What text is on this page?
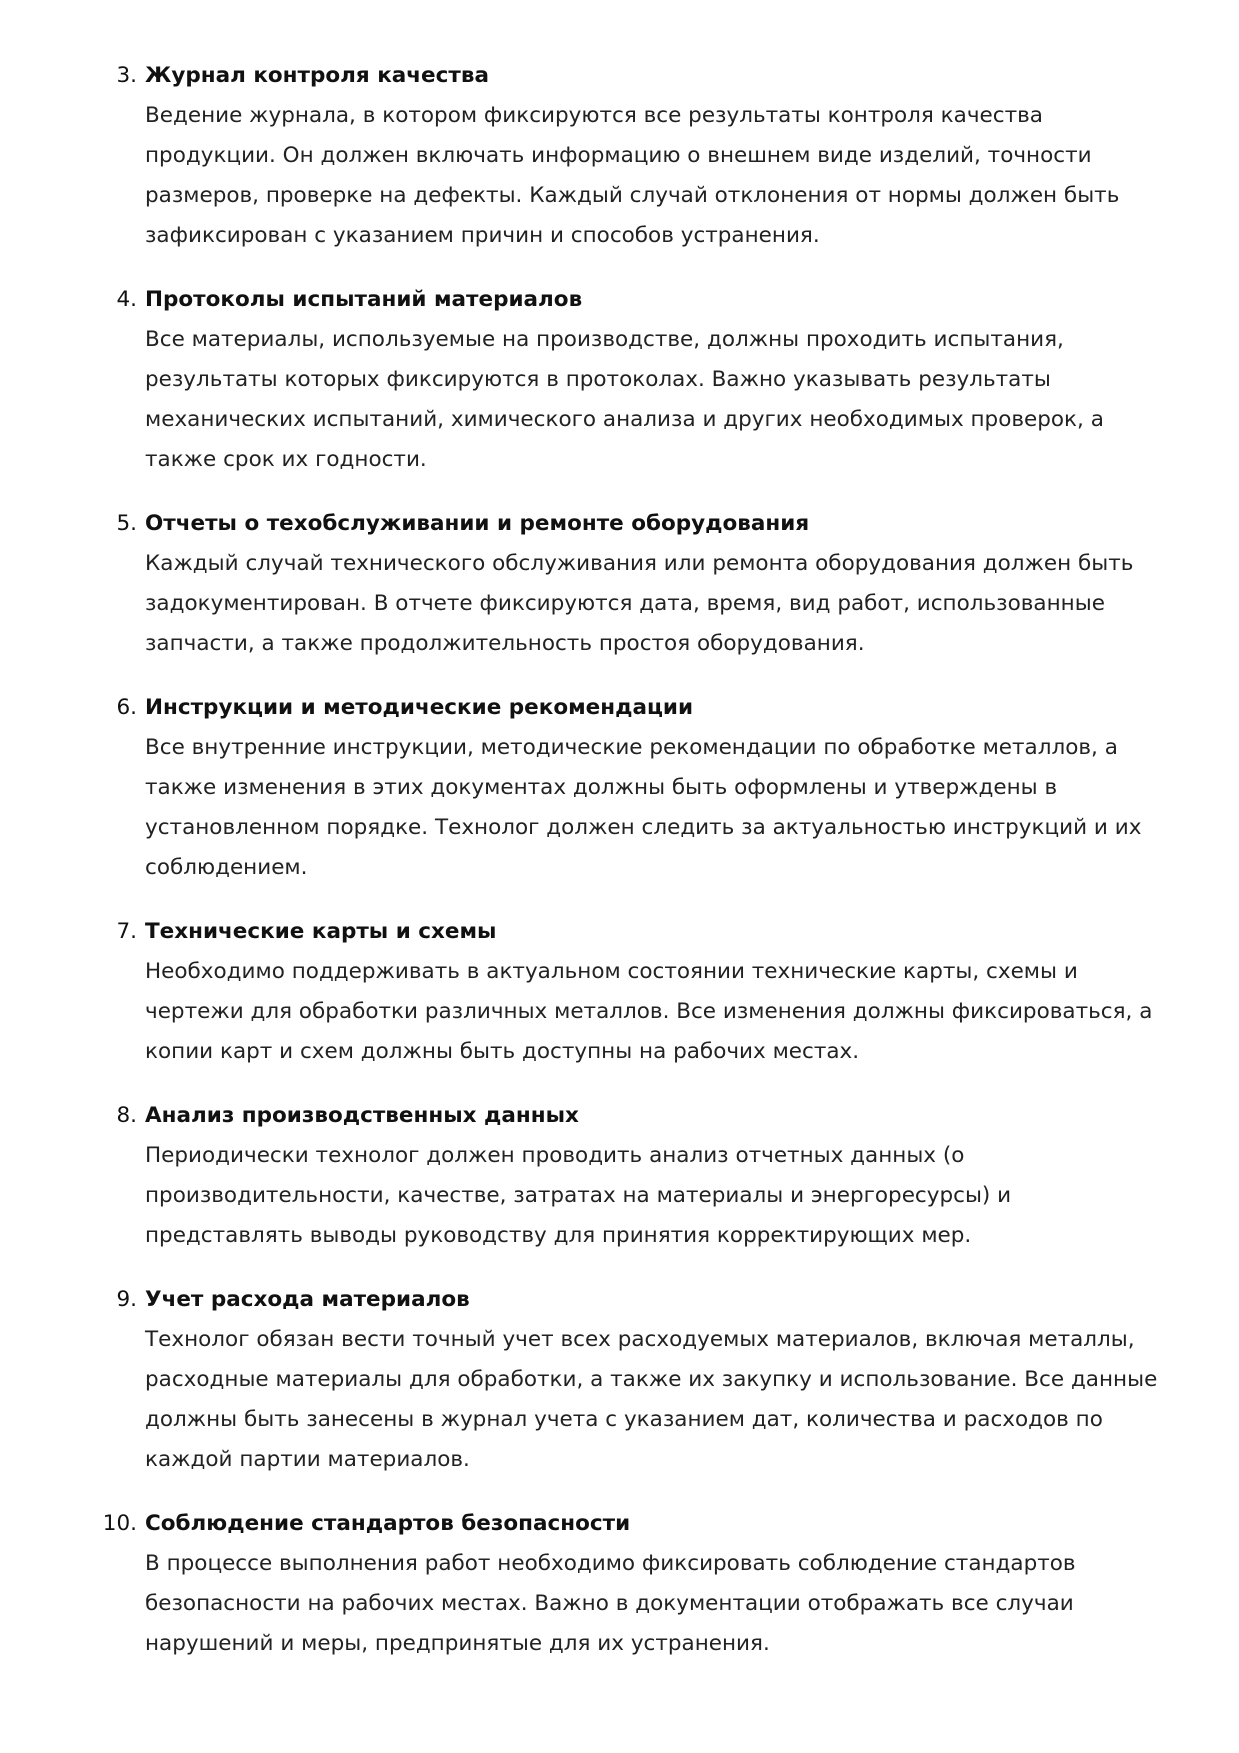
3. Журнал контроля качества
Ведение журнала, в котором фиксируются все результаты контроля качества
продукции. Он должен включать информацию о внешнем виде изделий, точности
размеров, проверке на дефекты. Каждый случай отклонения от нормы должен быть
зафиксирован с указанием причин и способов устранения.
4. Протоколы испытаний материалов
Все материалы, используемые на производстве, должны проходить испытания,
результаты которых фиксируются в протоколах. Важно указывать результаты
механических испытаний, химического анализа и других необходимых проверок, а
также срок их годности.
5. Отчеты о техобслуживании и ремонте оборудования
Каждый случай технического обслуживания или ремонта оборудования должен быть
задокументирован. В отчете фиксируются дата, время, вид работ, использованные
запчасти, а также продолжительность простоя оборудования.
6. Инструкции и методические рекомендации
Все внутренние инструкции, методические рекомендации по обработке металлов, а
также изменения в этих документах должны быть оформлены и утверждены в
установленном порядке. Технолог должен следить за актуальностью инструкций и их
соблюдением.
7. Технические карты и схемы
Необходимо поддерживать в актуальном состоянии технические карты, схемы и
чертежи для обработки различных металлов. Все изменения должны фиксироваться, а
копии карт и схем должны быть доступны на рабочих местах.
8. Анализ производственных данных
Периодически технолог должен проводить анализ отчетных данных (о
производительности, качестве, затратах на материалы и энергоресурсы) и
представлять выводы руководству для принятия корректирующих мер.
9. Учет расхода материалов
Технолог обязан вести точный учет всех расходуемых материалов, включая металлы,
расходные материалы для обработки, а также их закупку и использование. Все данные
должны быть занесены в журнал учета с указанием дат, количества и расходов по
каждой партии материалов.
10. Соблюдение стандартов безопасности
В процессе выполнения работ необходимо фиксировать соблюдение стандартов
безопасности на рабочих местах. Важно в документации отображать все случаи
нарушений и меры, предпринятые для их устранения.
